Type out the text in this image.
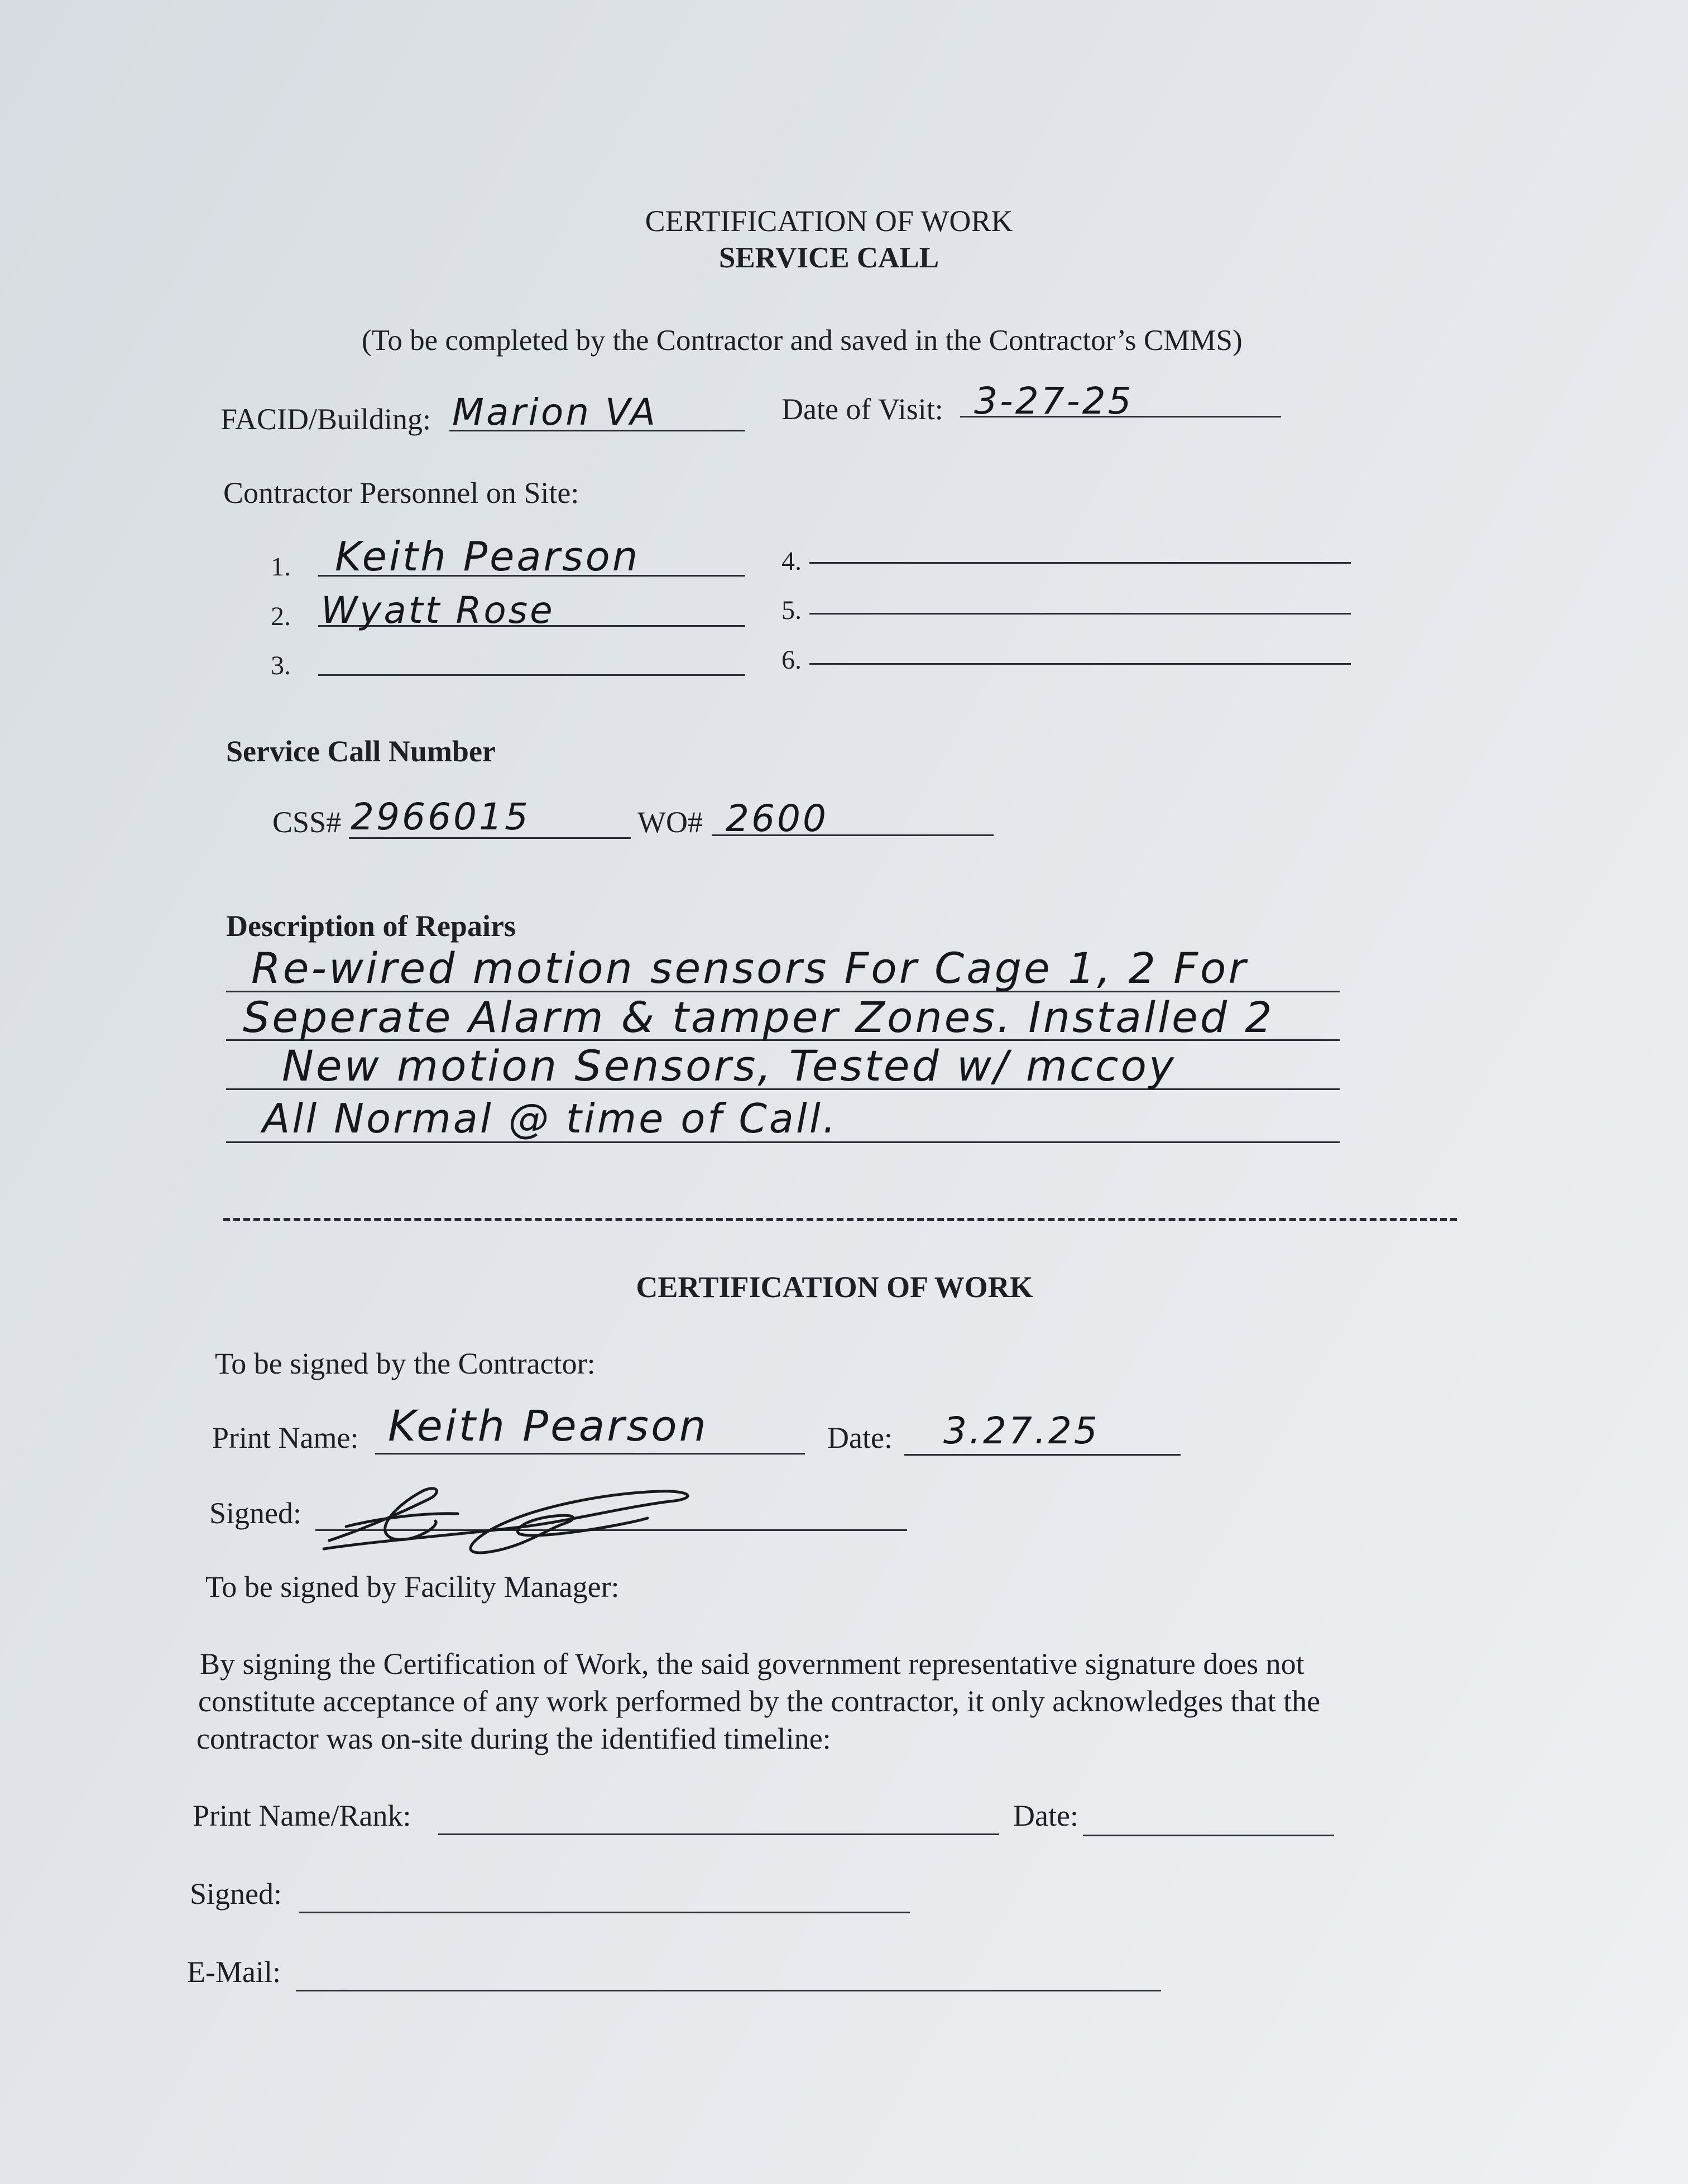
CERTIFICATION OF WORK
SERVICE CALL
(To be completed by the Contractor and saved in the Contractor’s CMMS)
FACID/Building: Marion VA	Date of Visit: 3-27-25
Contractor Personnel on Site:
1. Keith Pearson
2. Wyatt Rose
3.
4.
5.
6.
Service Call Number
CSS# 2966015	WO# 2600
Description of Repairs
Re-wired motion sensors For Cage 1, 2 For
Seperate Alarm & tamper Zones. Installed 2
New motion Sensors, Tested w/ mccoy
All Normal @ time of Call.
CERTIFICATION OF WORK
To be signed by the Contractor:
Print Name: Keith Pearson	Date: 3.27.25
Signed:
To be signed by Facility Manager:
By signing the Certification of Work, the said government representative signature does not
constitute acceptance of any work performed by the contractor, it only acknowledges that the
contractor was on-site during the identified timeline:
Print Name/Rank:	Date:
Signed:
E-Mail:
